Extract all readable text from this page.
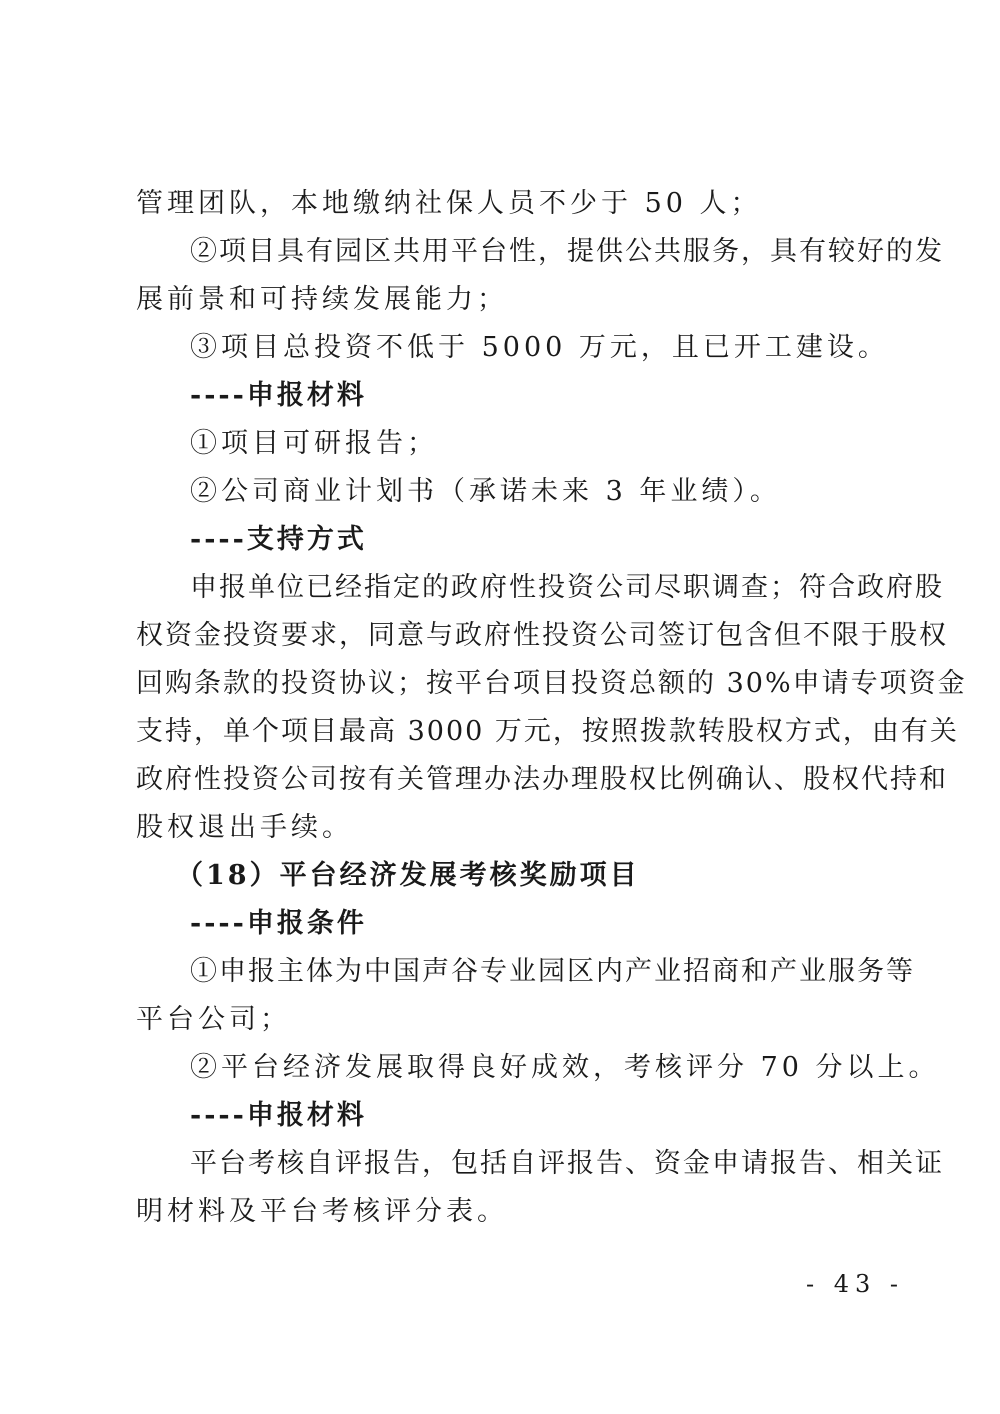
管理团队，本地缴纳社保人员不少于 50 人；
②项目具有园区共用平台性，提供公共服务，具有较好的发
展前景和可持续发展能力；
③项目总投资不低于 5000 万元，且已开工建设。
----申报材料
①项目可研报告；
②公司商业计划书（承诺未来 3 年业绩）。
----支持方式
申报单位已经指定的政府性投资公司尽职调查；符合政府股
权资金投资要求，同意与政府性投资公司签订包含但不限于股权
回购条款的投资协议；按平台项目投资总额的 30%申请专项资金
支持，单个项目最高 3000 万元，按照拨款转股权方式，由有关
政府性投资公司按有关管理办法办理股权比例确认、股权代持和
股权退出手续。
（18）平台经济发展考核奖励项目
----申报条件
①申报主体为中国声谷专业园区内产业招商和产业服务等
平台公司；
②平台经济发展取得良好成效，考核评分 70 分以上。
----申报材料
平台考核自评报告，包括自评报告、资金申请报告、相关证
明材料及平台考核评分表。
- 43 -
